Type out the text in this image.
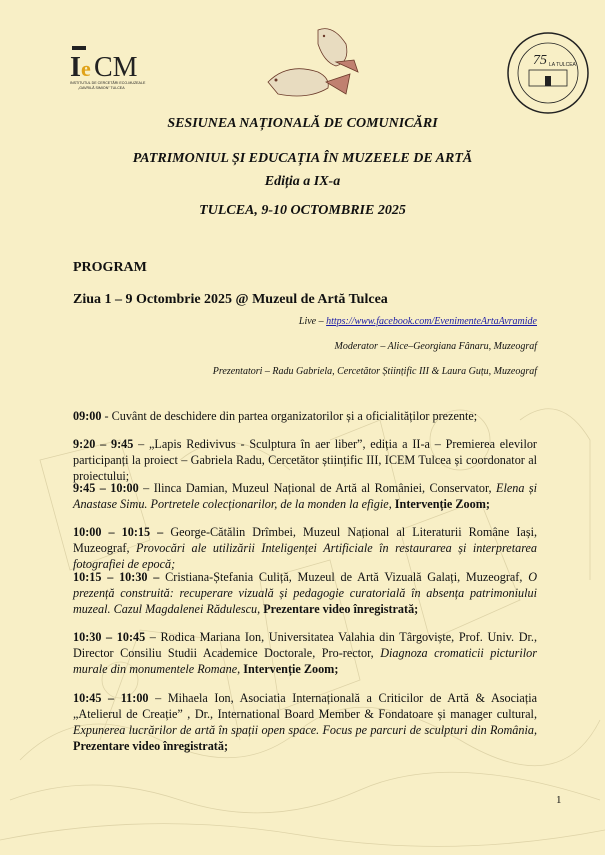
I e CM
INSTITUTUL DE CERCETĂRI ECO-MUZEALE
„GAVRILĂ SIMION” TULCEA
75 LA TULCEA
SESIUNEA NAȚIONALĂ DE COMUNICĂRI
PATRIMONIUL ȘI EDUCAȚIA ÎN MUZEELE DE ARTĂ
Ediția a IX-a
TULCEA, 9-10 OCTOMBRIE 2025
PROGRAM
Ziua 1 – 9 Octombrie 2025 @ Muzeul de Artă Tulcea
Live – https://www.facebook.com/EvenimenteArtaAvramide
Moderator – Alice–Georgiana Fânaru, Muzeograf
Prezentatori – Radu Gabriela, Cercetător Științific III & Laura Guțu, Muzeograf
09:00 - Cuvânt de deschidere din partea organizatorilor și a oficialităților prezente;
9:20 – 9:45 – „Lapis Redivivus - Sculptura în aer liber”, ediția a II-a – Premierea elevilor participanți la proiect – Gabriela Radu, Cercetător științific III, ICEM Tulcea și coordonator al proiectului;
9:45 – 10:00 – Ilinca Damian, Muzeul Național de Artă al României, Conservator, Elena și Anastase Simu. Portretele colecționarilor, de la monden la efigie, Intervenție Zoom;
10:00 – 10:15 – George-Cătălin Drîmbei, Muzeul Național al Literaturii Române Iași, Muzeograf, Provocări ale utilizării Inteligenței Artificiale în restaurarea și interpretarea fotografiei de epocă;
10:15 – 10:30 – Cristiana-Ștefania Culiță, Muzeul de Artă Vizuală Galați, Muzeograf, O prezență construită: recuperare vizuală și pedagogie curatorială în absența patrimoniului muzeal. Cazul Magdalenei Rădulescu, Prezentare video înregistrată;
10:30 – 10:45 – Rodica Mariana Ion, Universitatea Valahia din Târgoviște, Prof. Univ. Dr., Director Consiliu Studii Academice Doctorale, Pro-rector, Diagnoza cromaticii picturilor murale din monumentele Romane, Intervenție Zoom;
10:45 – 11:00 – Mihaela Ion, Asociatia Internațională a Criticilor de Artă & Asociația „Atelierul de Creație” , Dr., International Board Member & Fondatoare și manager cultural, Expunerea lucrărilor de artă în spații open space. Focus pe parcuri de sculpturi din România, Prezentare video înregistrată;
1
